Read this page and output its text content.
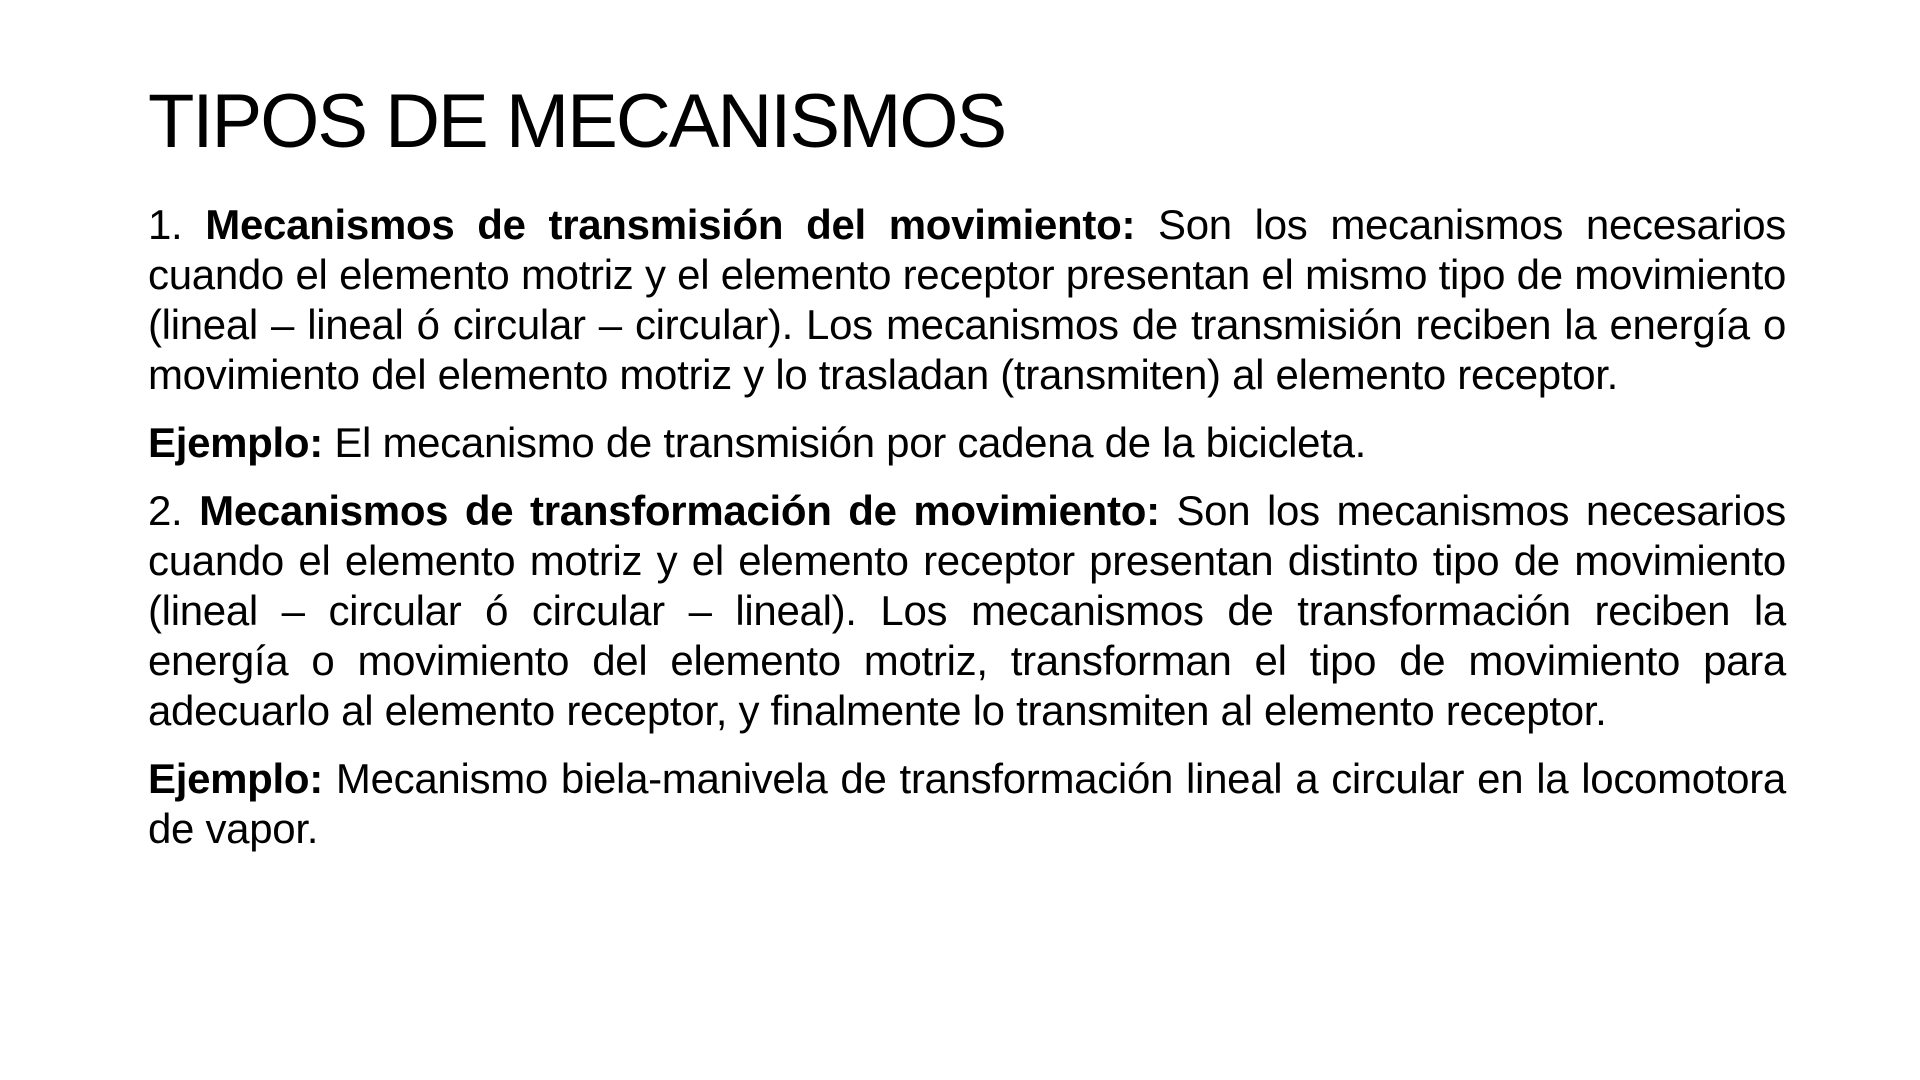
TIPOS DE MECANISMOS

1. Mecanismos de transmisión del movimiento: Son los mecanismos necesarios cuando el elemento motriz y el elemento receptor presentan el mismo tipo de movimiento (lineal – lineal ó circular – circular). Los mecanismos de transmisión reciben la energía o movimiento del elemento motriz y lo trasladan (transmiten) al elemento receptor.

Ejemplo: El mecanismo de transmisión por cadena de la bicicleta.

2. Mecanismos de transformación de movimiento: Son los mecanismos necesarios cuando el elemento motriz y el elemento receptor presentan distinto tipo de movimiento (lineal – circular ó circular – lineal). Los mecanismos de transformación reciben la energía o movimiento del elemento motriz, transforman el tipo de movimiento para adecuarlo al elemento receptor, y finalmente lo transmiten al elemento receptor.

Ejemplo: Mecanismo biela-manivela de transformación lineal a circular en la locomotora de vapor.
